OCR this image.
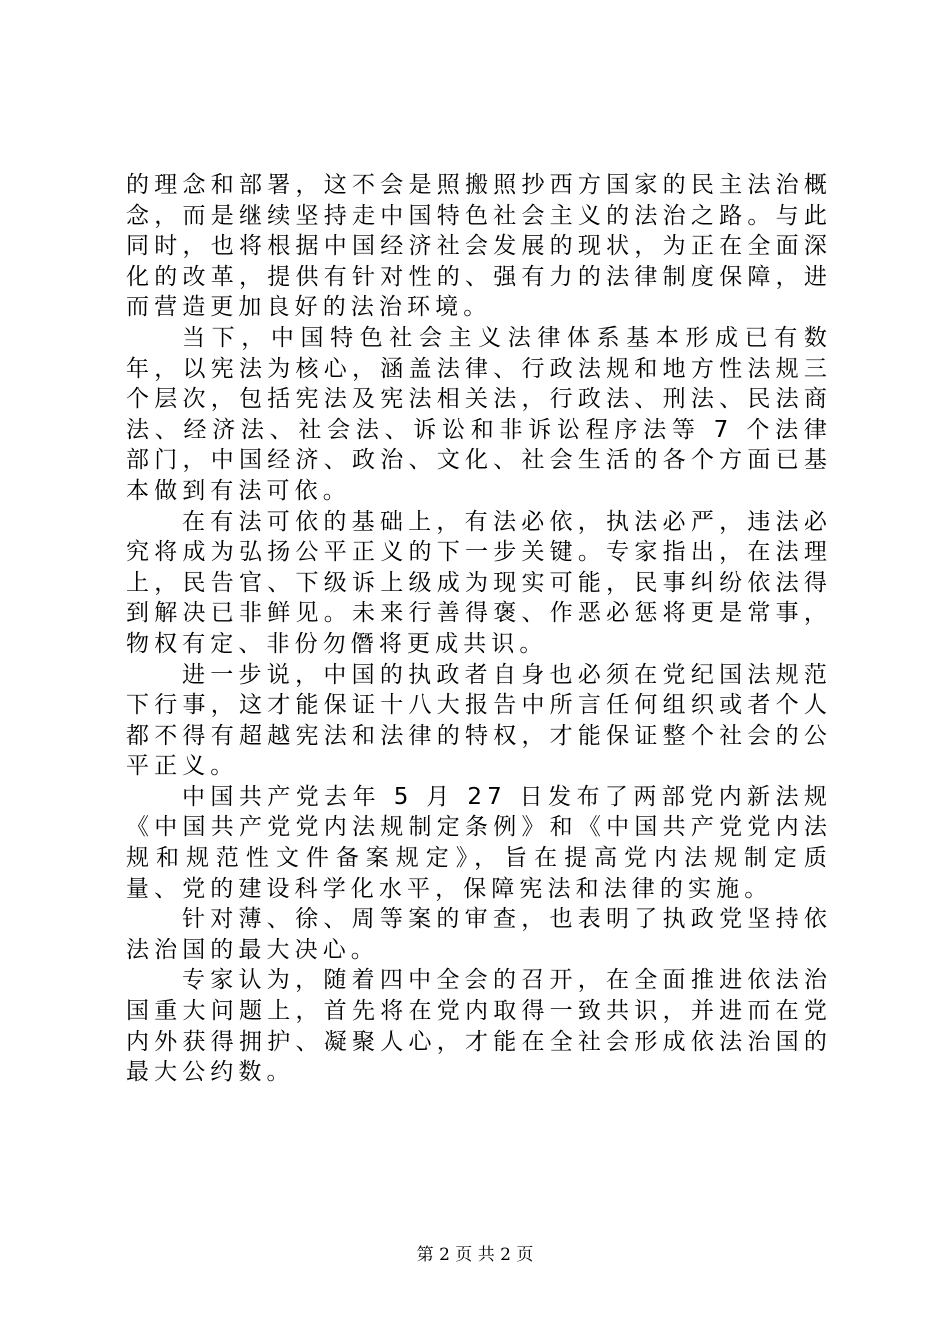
的理念和部署，这不会是照搬照抄西方国家的民主法治概念，而是继续坚持走中国特色社会主义的法治之路。与此同时，也将根据中国经济社会发展的现状，为正在全面深化的改革，提供有针对性的、强有力的法律制度保障，进而营造更加良好的法治环境。

当下，中国特色社会主义法律体系基本形成已有数年，以宪法为核心，涵盖法律、行政法规和地方性法规三个层次，包括宪法及宪法相关法，行政法、刑法、民法商法、经济法、社会法、诉讼和非诉讼程序法等 7 个法律部门，中国经济、政治、文化、社会生活的各个方面已基本做到有法可依。

在有法可依的基础上，有法必依，执法必严，违法必究将成为弘扬公平正义的下一步关键。专家指出，在法理上，民告官、下级诉上级成为现实可能，民事纠纷依法得到解决已非鲜见。未来行善得褒、作恶必惩将更是常事，物权有定、非份勿僭将更成共识。

进一步说，中国的执政者自身也必须在党纪国法规范下行事，这才能保证十八大报告中所言任何组织或者个人都不得有超越宪法和法律的特权，才能保证整个社会的公平正义。

中国共产党去年 5 月 27 日发布了两部党内新法规《中国共产党党内法规制定条例》和《中国共产党党内法规和规范性文件备案规定》，旨在提高党内法规制定质量、党的建设科学化水平，保障宪法和法律的实施。

针对薄、徐、周等案的审查，也表明了执政党坚持依法治国的最大决心。

专家认为，随着四中全会的召开，在全面推进依法治国重大问题上，首先将在党内取得一致共识，并进而在党内外获得拥护、凝聚人心，才能在全社会形成依法治国的最大公约数。

第 2 页 共 2 页
